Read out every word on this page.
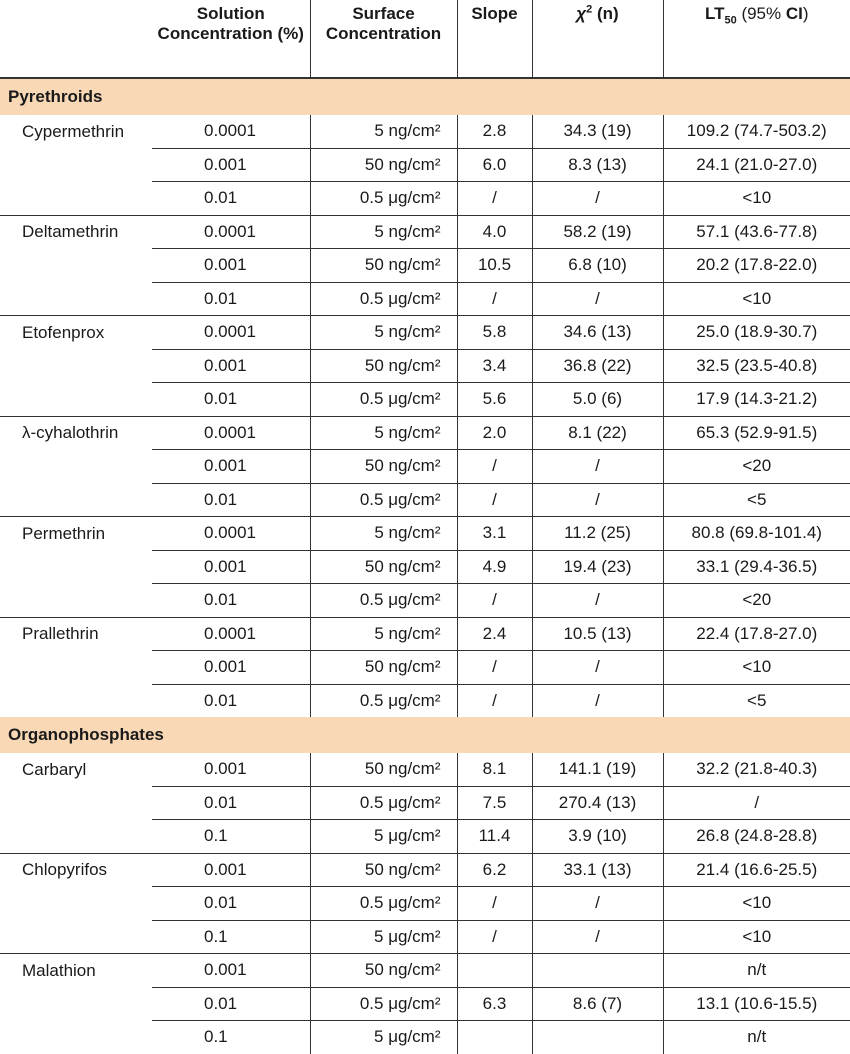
	Solution Concentration (%)	Surface Concentration	Slope	$\chi^2$ (n)	$LT_{50}$ (95% CI)
Pyrethroids					
Cypermethrin	0.0001	5 ng/cm²	2.8	34.3 (19)	109.2 (74.7-503.2)
	0.001	50 ng/cm²	6.0	8.3 (13)	24.1 (21.0-27.0)
	0.01	0.5 μg/cm²	/	/	<10
Deltamethrin	0.0001	5 ng/cm²	4.0	58.2 (19)	57.1 (43.6-77.8)
	0.001	50 ng/cm²	10.5	6.8 (10)	20.2 (17.8-22.0)
	0.01	0.5 μg/cm²	/	/	<10
Etofenprox	0.0001	5 ng/cm²	5.8	34.6 (13)	25.0 (18.9-30.7)
	0.001	50 ng/cm²	3.4	36.8 (22)	32.5 (23.5-40.8)
	0.01	0.5 μg/cm²	5.6	5.0 (6)	17.9 (14.3-21.2)
λ-cyhalothrin	0.0001	5 ng/cm²	2.0	8.1 (22)	65.3 (52.9-91.5)
	0.001	50 ng/cm²	/	/	<20
	0.01	0.5 μg/cm²	/	/	<5
Permethrin	0.0001	5 ng/cm²	3.1	11.2 (25)	80.8 (69.8-101.4)
	0.001	50 ng/cm²	4.9	19.4 (23)	33.1 (29.4-36.5)
	0.01	0.5 μg/cm²	/	/	<20
Prallethrin	0.0001	5 ng/cm²	2.4	10.5 (13)	22.4 (17.8-27.0)
	0.001	50 ng/cm²	/	/	<10
	0.01	0.5 μg/cm²	/	/	<5
Organophosphates					
Carbaryl	0.001	50 ng/cm²	8.1	141.1 (19)	32.2 (21.8-40.3)
	0.01	0.5 μg/cm²	7.5	270.4 (13)	/
	0.1	5 μg/cm²	11.4	3.9 (10)	26.8 (24.8-28.8)
Chlopyrifos	0.001	50 ng/cm²	6.2	33.1 (13)	21.4 (16.6-25.5)
	0.01	0.5 μg/cm²	/	/	<10
	0.1	5 μg/cm²	/	/	<10
Malathion	0.001	50 ng/cm²			n/t
	0.01	0.5 μg/cm²	6.3	8.6 (7)	13.1 (10.6-15.5)
	0.1	5 μg/cm²			n/t
